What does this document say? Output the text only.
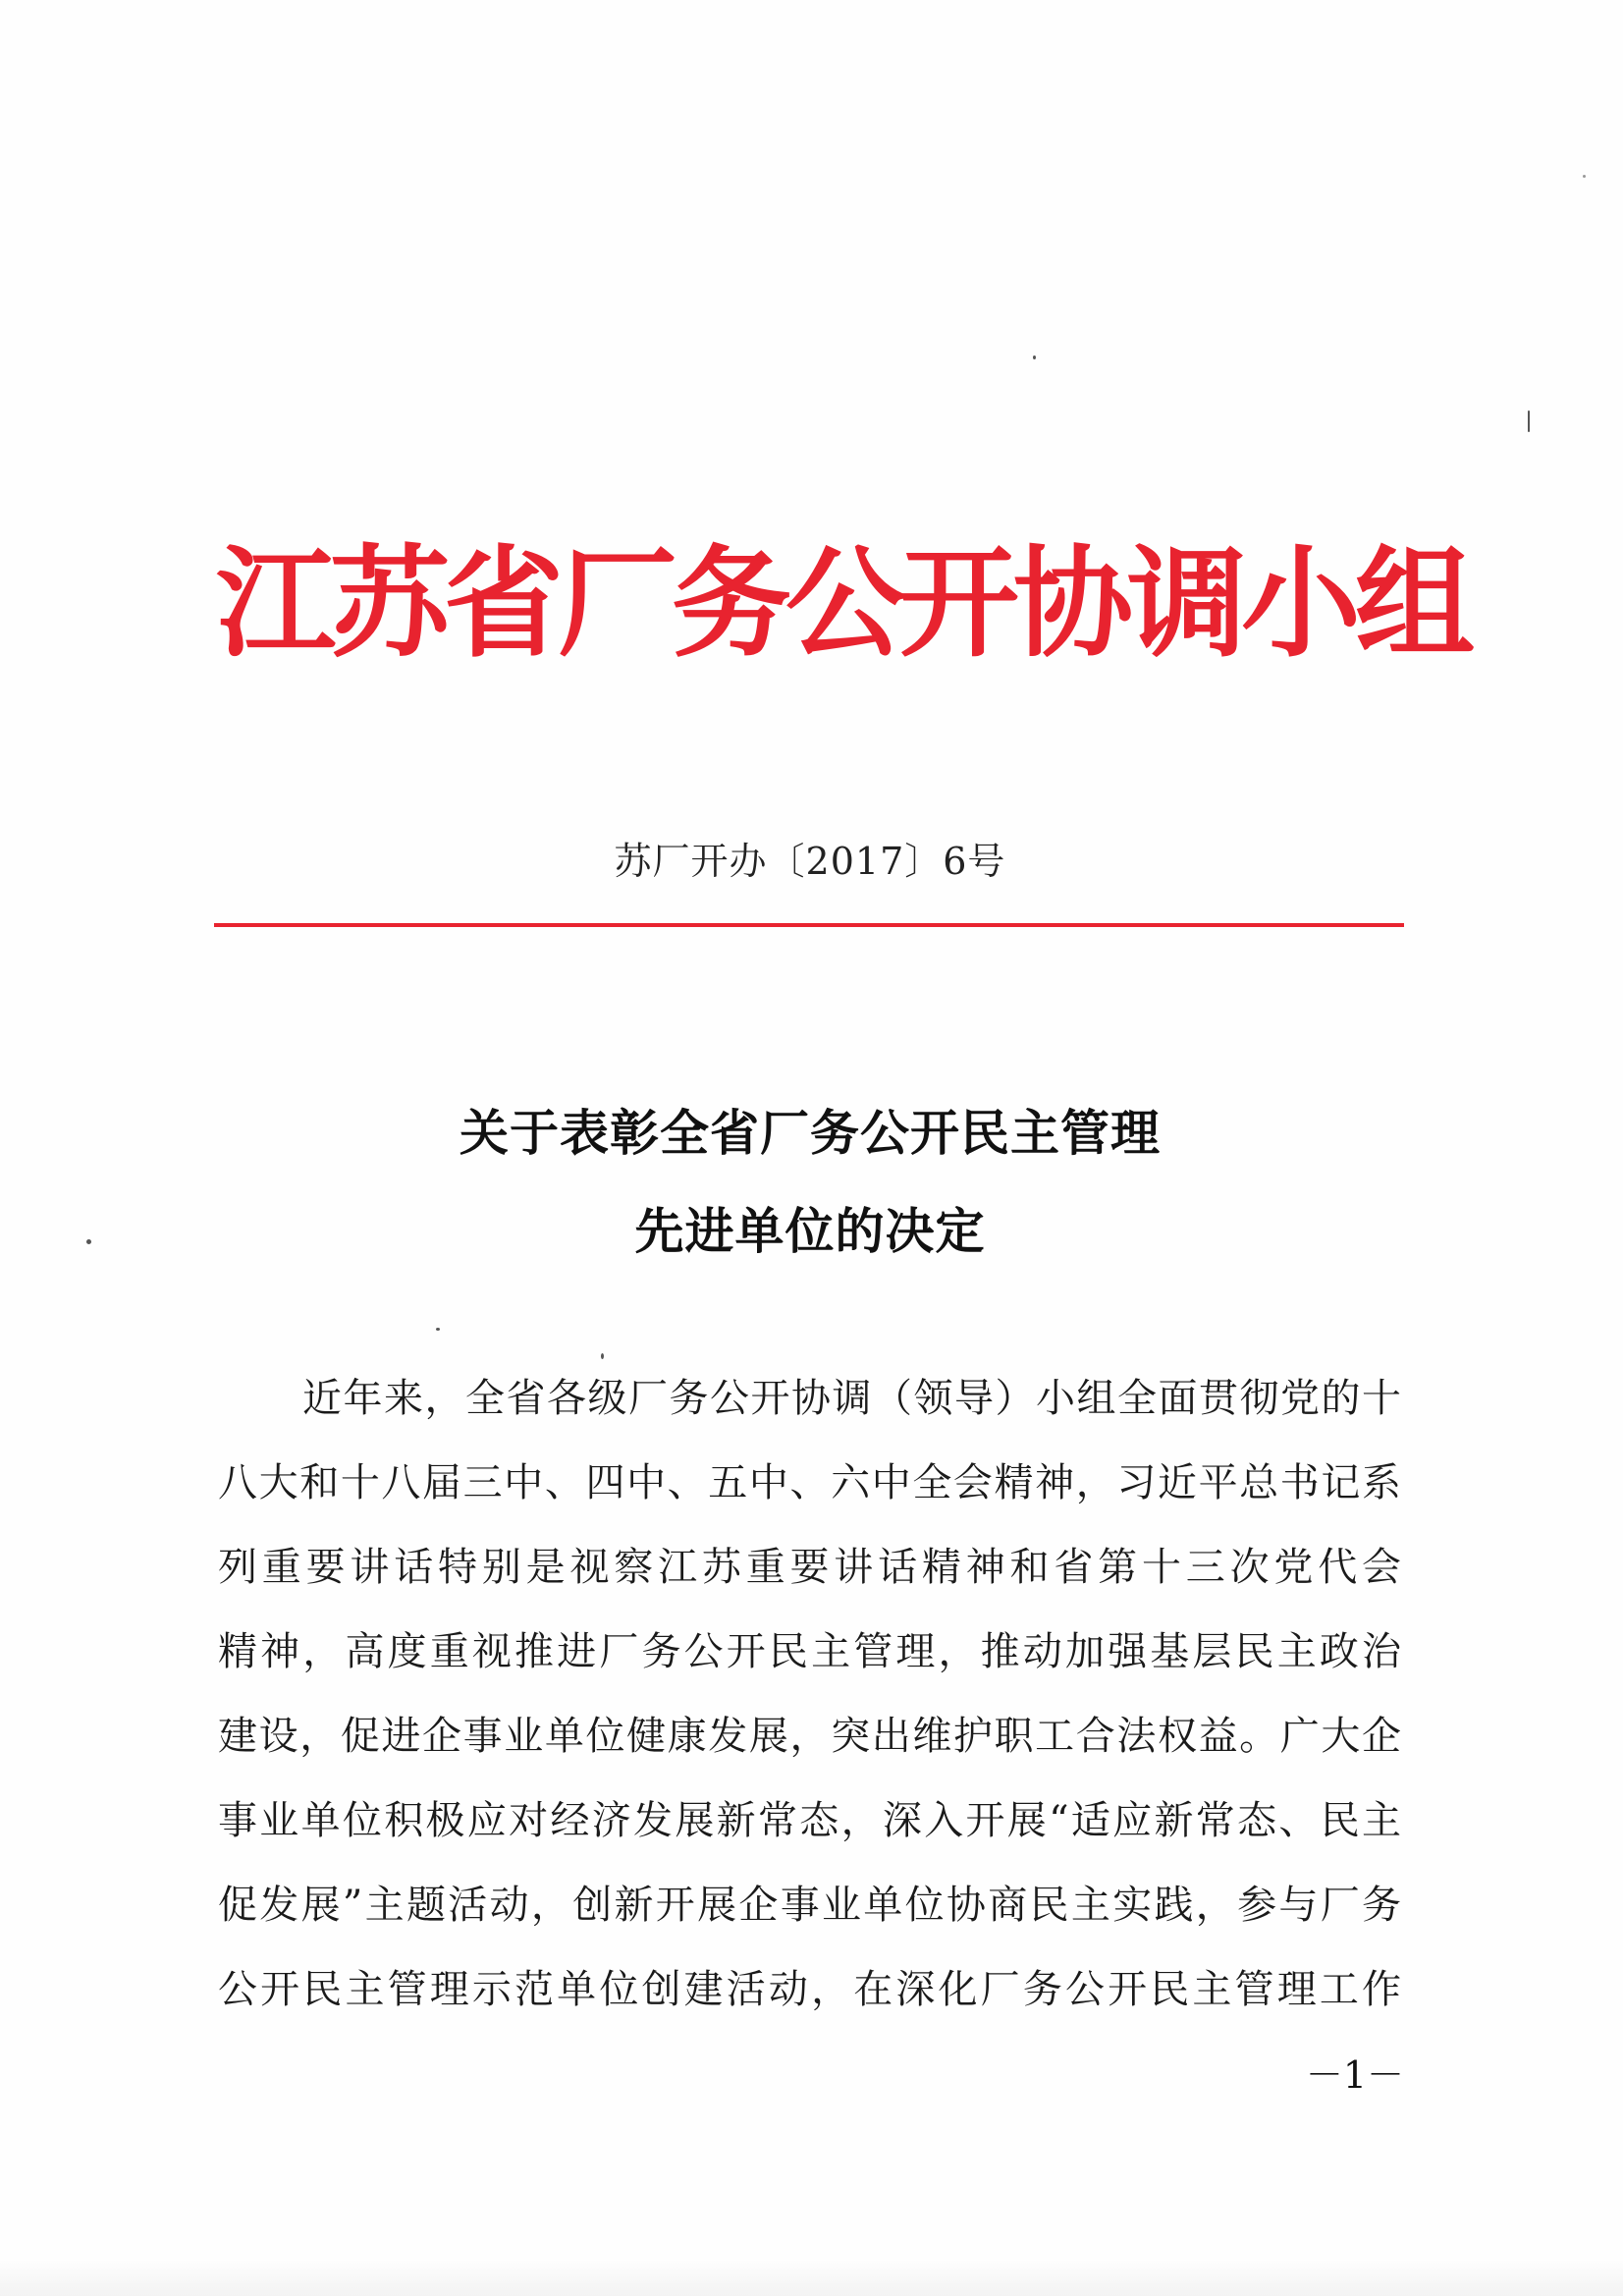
江苏省厂务公开协调小组
苏厂开办〔2017〕6号
关于表彰全省厂务公开民主管理
先进单位的决定
近年来，全省各级厂务公开协调（领导）小组全面贯彻党的十
八大和十八届三中、四中、五中、六中全会精神，习近平总书记系
列重要讲话特别是视察江苏重要讲话精神和省第十三次党代会
精神，高度重视推进厂务公开民主管理，推动加强基层民主政治
建设，促进企事业单位健康发展，突出维护职工合法权益。广大企
事业单位积极应对经济发展新常态，深入开展“适应新常态、民主
促发展”主题活动，创新开展企事业单位协商民主实践，参与厂务
公开民主管理示范单位创建活动，在深化厂务公开民主管理工作
－1－
